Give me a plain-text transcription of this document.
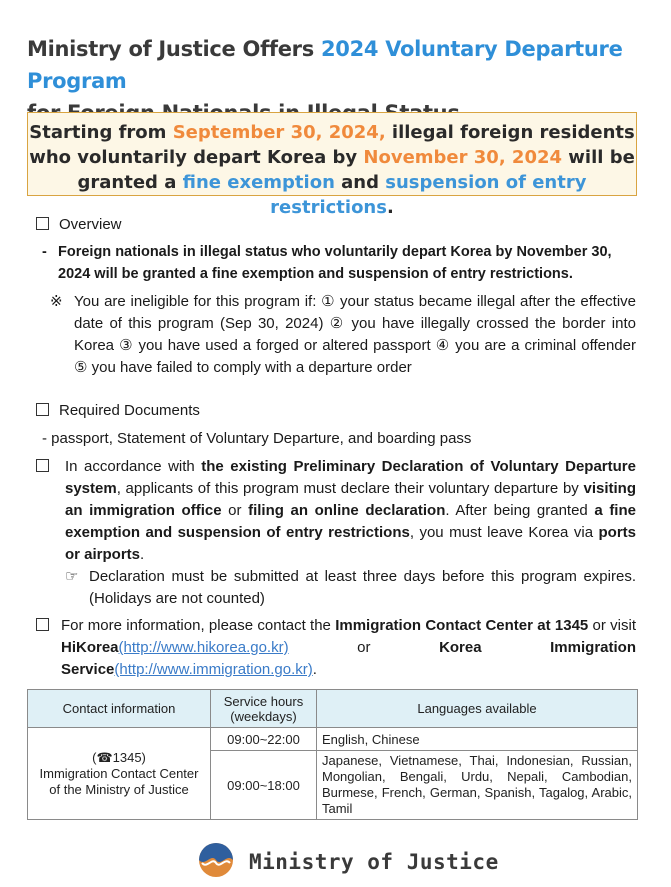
Ministry of Justice Offers 2024 Voluntary Departure Program

Starting from September 30, 2024, illegal foreign residents
who voluntarily depart Korea by November 30, 2024 will be
granted a fine exemption and suspension of entry restrictions.
Overview
- Foreign nationals in illegal status who voluntarily depart Korea by November 30,
2024 will be granted a fine exemption and suspension of entry restrictions.
※ You are ineligible for this program if: ① your status became illegal after the effective date of this program (Sep 30, 2024) ② you have illegally crossed the border into Korea ③ you have used a forged or altered passport ④ you are a criminal offender ⑤ you have failed to comply with a departure order
Required Documents
- passport, Statement of Voluntary Departure, and boarding pass
In accordance with the existing Preliminary Declaration of Voluntary Departure system, applicants of this program must declare their voluntary departure by visiting an immigration office or filing an online declaration. After being granted a fine exemption and suspension of entry restrictions, you must leave Korea via ports or airports.
☞ Declaration must be submitted at least three days before this program expires. (Holidays are not counted)
For more information, please contact the Immigration Contact Center at 1345 or visit HiKorea(http://www.hikorea.go.kr) or Korea Immigration Service(http://www.immigration.go.kr).
Contact information	Service hours (weekdays)	Languages available

(☎1345)
Immigration Contact Center of the Ministry of Justice	09:00~22:00	English, Chinese
	09:00~18:00	Japanese, Vietnamese, Thai, Indonesian, Russian, Mongolian, Bengali, Urdu, Nepali, Cambodian, Burmese, French, German, Spanish, Tagalog, Arabic, Tamil
Ministry of Justice
